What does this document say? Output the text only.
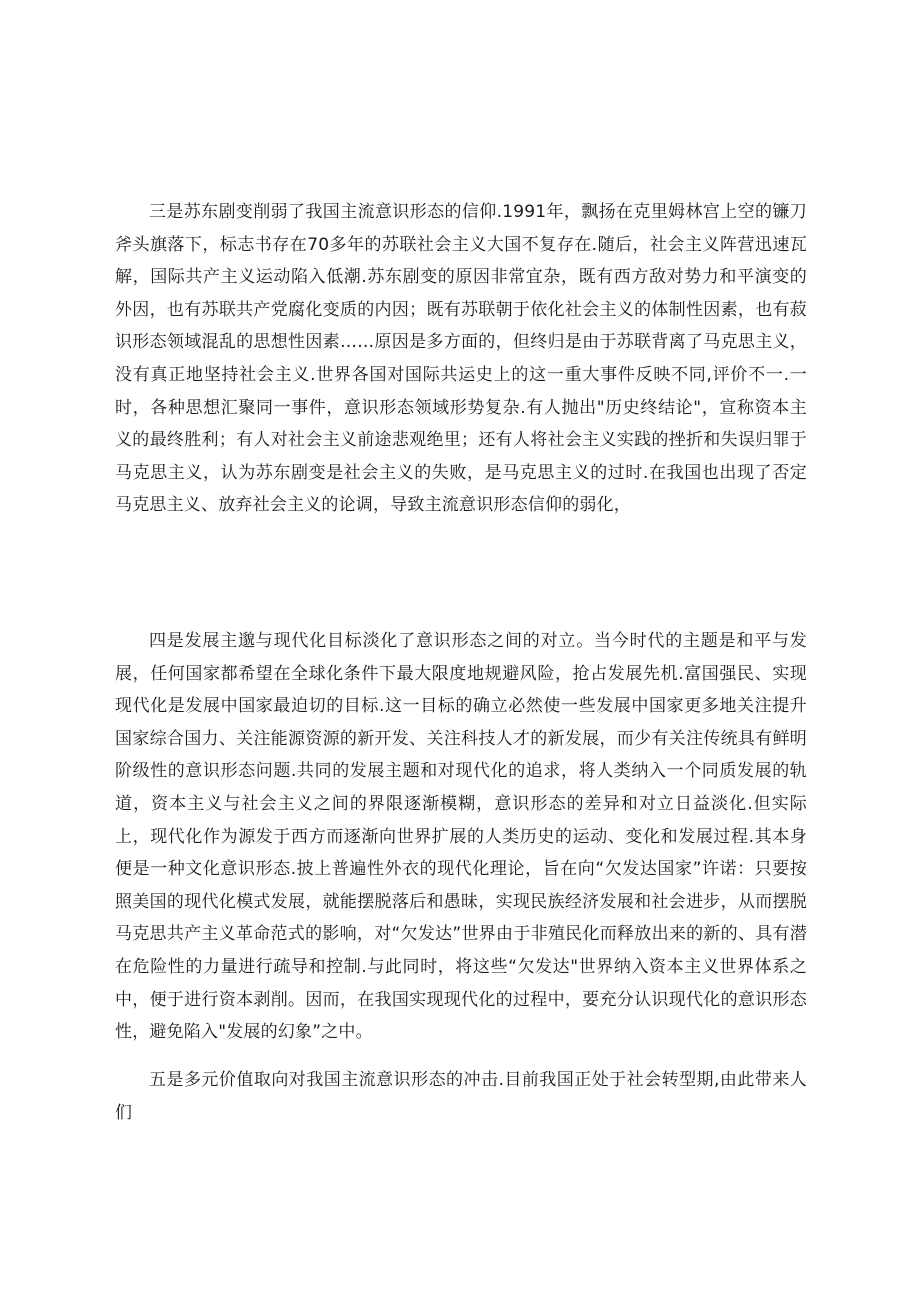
三是苏东剧变削弱了我国主流意识形态的信仰.1991年，飘扬在克里姆林宫上空的镰刀斧头旗落下，标志书存在70多年的苏联社会主义大国不复存在.随后，社会主义阵营迅速瓦解，国际共产主义运动陷入低潮.苏东剧变的原因非常宜杂，既有西方敌对势力和平演变的外因，也有苏联共产党腐化变质的内因；既有苏联朝于依化社会主义的体制性因素，也有菽识形态领域混乱的思想性因素……原因是多方面的，但终归是由于苏联背离了马克思主义，没有真正地坚持社会主义.世界各国对国际共运史上的这一重大事件反映不同,评价不一.一时，各种思想汇聚同一事件，意识形态领域形势复杂.有人抛出"历史终结论"，宣称资本主义的最终胜利；有人对社会主义前途悲观绝里；还有人将社会主义实践的挫折和失误归罪于马克思主义，认为苏东剧变是社会主义的失败，是马克思主义的过时.在我国也出现了否定马克思主义、放弃社会主义的论调，导致主流意识形态信仰的弱化，

四是发展主邈与现代化目标淡化了意识形态之间的对立。当今时代的主题是和平与发展，任何国家都希望在全球化条件下最大限度地规避风险，抢占发展先机.富国强民、实现现代化是发展中国家最迫切的目标.这一目标的确立必然使一些发展中国家更多地关注提升国家综合国力、关注能源资源的新开发、关注科技人才的新发展，而少有关注传统具有鲜明阶级性的意识形态问题.共同的发展主题和对现代化的追求，将人类纳入一个同质发展的轨道，资本主义与社会主义之间的界限逐渐模糊，意识形态的差异和对立日益淡化.但实际上，现代化作为源发于西方而逐渐向世界扩展的人类历史的运动、变化和发展过程.其本身便是一种文化意识形态.披上普遍性外衣的现代化理论，旨在向“欠发达国家”许诺：只要按照美国的现代化模式发展，就能摆脱落后和愚昧，实现民族经济发展和社会进步，从而摆脱马克思共产主义革命范式的影响，对“欠发达”世界由于非殖民化而释放出来的新的、具有潜在危险性的力量进行疏导和控制.与此同时，将这些“欠发达"世界纳入资本主义世界体系之中，便于进行资本剥削。因而，在我国实现现代化的过程中，要充分认识现代化的意识形态性，避免陷入"发展的幻象”之中。

五是多元价值取向对我国主流意识形态的冲击.目前我国正处于社会转型期,由此带来人们
